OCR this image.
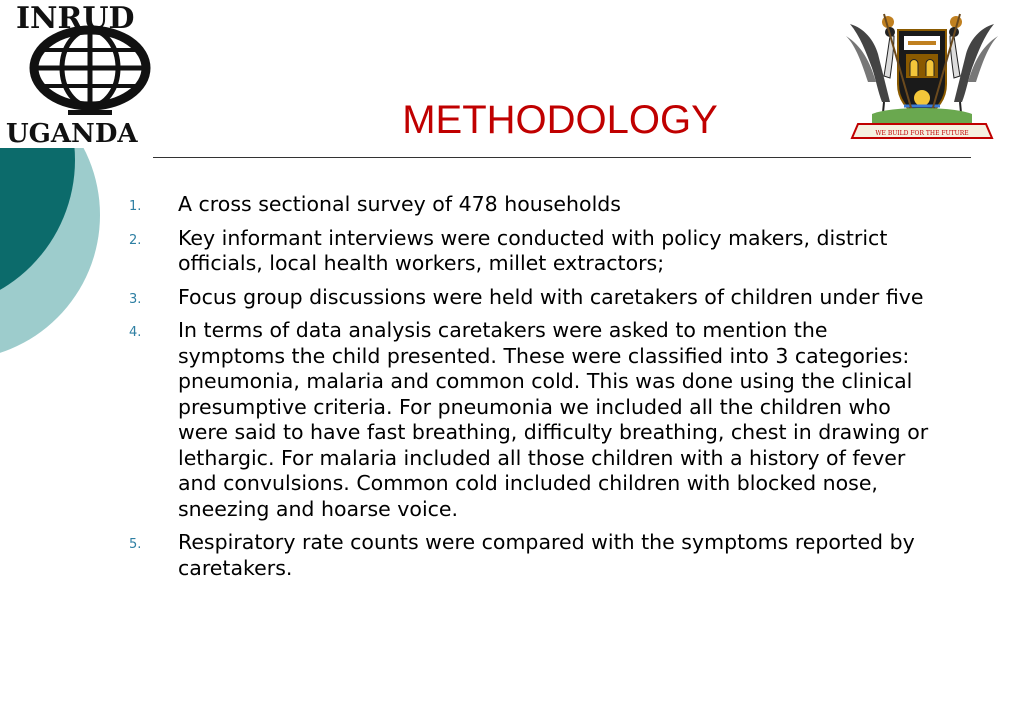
INRUD
UGANDA	WE BUILD FOR THE FUTURE
METHODOLOGY
1. A cross sectional survey of 478 households
2. Key informant interviews were conducted with policy makers, district officials, local health workers, millet extractors;
3. Focus group discussions were held with caretakers of children under five
4. In terms of data analysis caretakers were asked to mention the symptoms the child presented. These were classified into 3 categories: pneumonia, malaria and common cold. This was done using the clinical presumptive criteria. For pneumonia we included all the children who were said to have fast breathing, difficulty breathing, chest in drawing or lethargic. For malaria included all those children with a history of fever and convulsions. Common cold included children with blocked nose, sneezing and hoarse voice.
5. Respiratory rate counts were compared with the symptoms reported by caretakers.
